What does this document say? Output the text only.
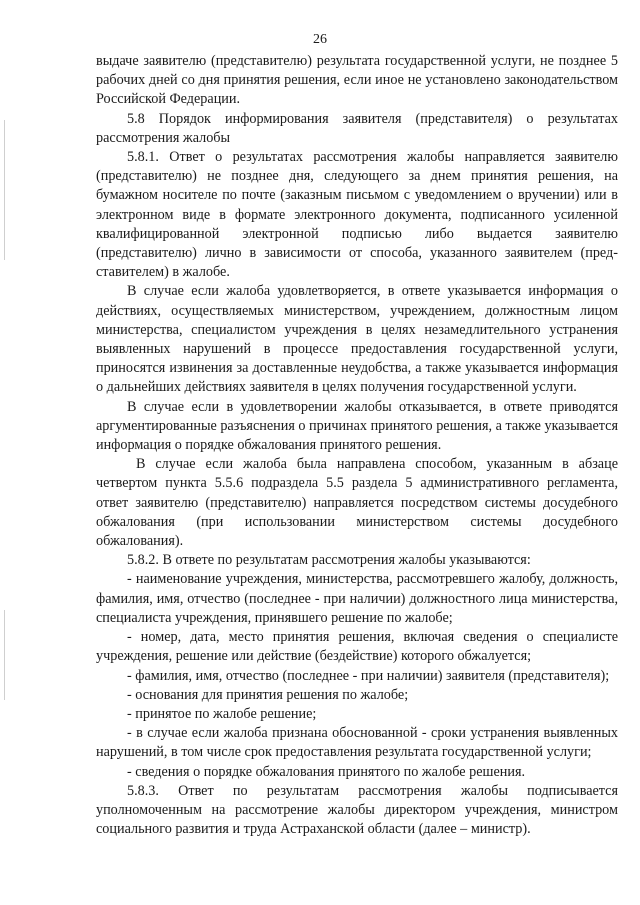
26

выдаче заявителю (представителю) результата государственной услуги, не позднее 5 рабочих дней со дня принятия решения, если иное не установлено законодательством Российской Федерации.

5.8 Порядок информирования заявителя (представителя) о результатах рассмотрения жалобы

5.8.1. Ответ о результатах рассмотрения жалобы направляется заявителю (представителю) не позднее дня, следующего за днем принятия решения, на бумажном носителе по почте (заказным письмом с уведомлением о вручении) или в электронном виде в формате электронного документа, подписанного усиленной квалифицированной электронной подписью либо выдается заявителю (представителю) лично в зависимости от способа, указанного заявителем (представителем) в жалобе.

В случае если жалоба удовлетворяется, в ответе указывается информация о действиях, осуществляемых министерством, учреждением, должностным лицом министерства, специалистом учреждения в целях незамедлительного устранения выявленных нарушений в процессе предоставления государственной услуги, приносятся извинения за доставленные неудобства, а также указывается информация о дальнейших действиях заявителя в целях получения государственной услуги.

В случае если в удовлетворении жалобы отказывается, в ответе приводятся аргументированные разъяснения о причинах принятого решения, а также указывается информация о порядке обжалования принятого решения.

В случае если жалоба была направлена способом, указанным в абзаце четвертом пункта 5.5.6 подраздела 5.5 раздела 5 административного регламента, ответ заявителю (представителю) направляется посредством системы досудебного обжалования (при использовании министерством системы досудебного обжалования).

5.8.2. В ответе по результатам рассмотрения жалобы указываются:

- наименование учреждения, министерства, рассмотревшего жалобу, должность, фамилия, имя, отчество (последнее - при наличии) должностного лица министерства, специалиста учреждения, принявшего решение по жалобе;

- номер, дата, место принятия решения, включая сведения о специалисте учреждения, решение или действие (бездействие) которого обжалуется;

- фамилия, имя, отчество (последнее - при наличии) заявителя (представителя);

- основания для принятия решения по жалобе;

- принятое по жалобе решение;

- в случае если жалоба признана обоснованной - сроки устранения выявленных нарушений, в том числе срок предоставления результата государственной услуги;

- сведения о порядке обжалования принятого по жалобе решения.

5.8.3. Ответ по результатам рассмотрения жалобы подписывается уполномоченным на рассмотрение жалобы директором учреждения, министром социального развития и труда Астраханской области (далее – министр).
